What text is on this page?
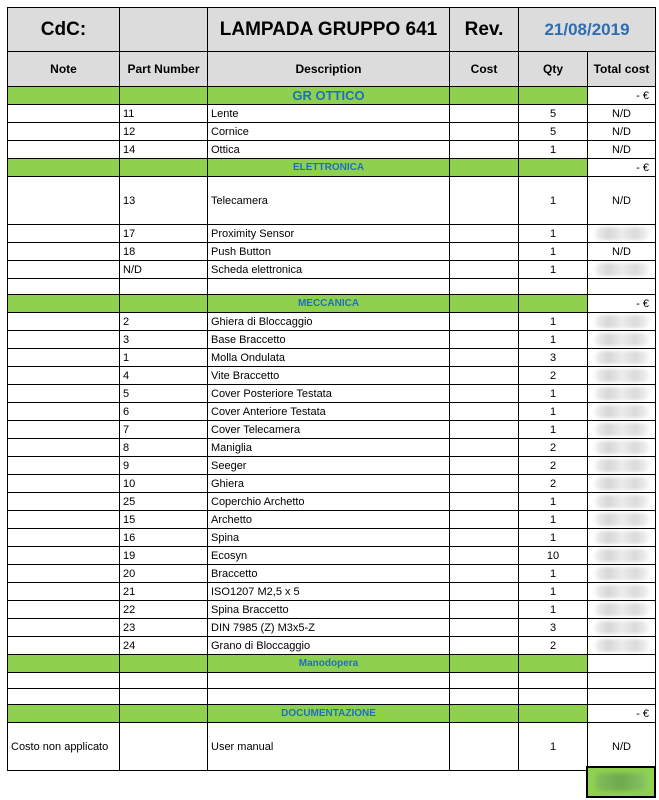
CdC:		LAMPADA GRUPPO 641	Rev.	21/08/2019	
Note	Part Number	Description	Cost	Qty	Total cost
		GR OTTICO			- €
	11	Lente		5	N/D
	12	Cornice		5	N/D
	14	Ottica		1	N/D
		ELETTRONICA			- €
	13	Telecamera		1	N/D
	17	Proximity Sensor		1	
	18	Push Button		1	N/D
	N/D	Scheda elettronica		1	

		MECCANICA			- €
	2	Ghiera di Bloccaggio		1	
	3	Base Braccetto		1	
	1	Molla Ondulata		3	
	4	Vite Braccetto		2	
	5	Cover Posteriore Testata		1	
	6	Cover Anteriore Testata		1	
	7	Cover Telecamera		1	
	8	Maniglia		2	
	9	Seeger		2	
	10	Ghiera		2	
	25	Coperchio Archetto		1	
	15	Archetto		1	
	16	Spina		1	
	19	Ecosyn		10	
	20	Braccetto		1	
	21	ISO1207 M2,5 x 5		1	
	22	Spina Braccetto		1	
	23	DIN 7985 (Z) M3x5-Z		3	
	24	Grano di Bloccaggio		2	
		Manodopera			

		DOCUMENTAZIONE			- €
Costo non applicato		User manual		1	N/D
